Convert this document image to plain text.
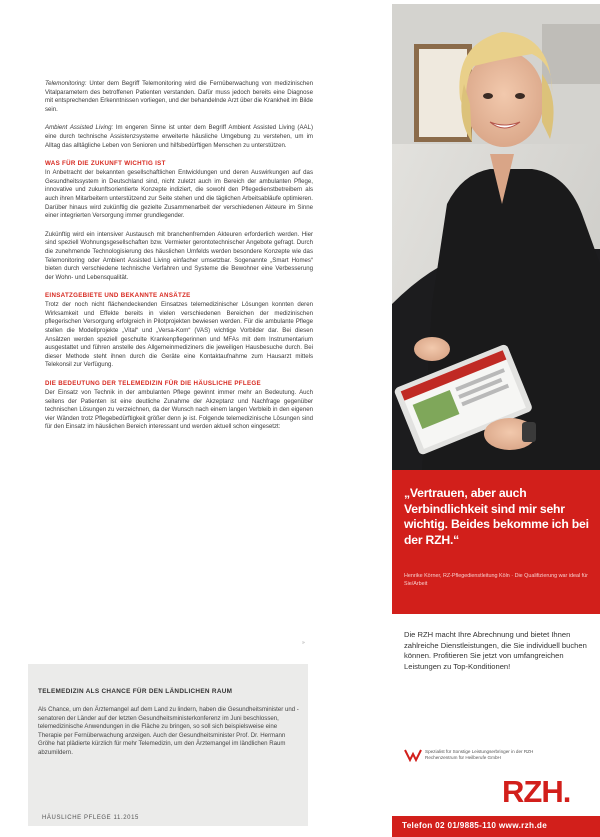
Telemonitoring: Unter dem Begriff Telemonitoring wird die Fernüberwachung von medizinischen Vitalparametern des betroffenen Patienten verstanden. Dafür muss jedoch bereits eine Diagnose mit entsprechenden Erkenntnissen vorliegen, und der behandelnde Arzt über die Krankheit im Bilde sein.

Ambient Assisted Living: Im engeren Sinne ist unter dem Begriff Ambient Assisted Living (AAL) eine durch technische Assistenzsysteme erweiterte häusliche Umgebung zu verstehen, um im Alltag das alltägliche Leben von Senioren und hilfsbedürftigen Menschen zu unterstützen.

WAS FÜR DIE ZUKUNFT WICHTIG IST

In Anbetracht der bekannten gesellschaftlichen Entwicklungen und deren Auswirkungen auf das Gesundheitssystem in Deutschland sind, nicht zuletzt auch im Bereich der ambulanten Pflege, innovative und zukunftsorientierte Konzepte indiziert, die sowohl den Pflegedienstbetreibern als auch ihren Mitarbeitern unterstützend zur Seite stehen und die täglichen Arbeitsabläufe optimieren. Darüber hinaus wird zukünftig die gezielte Zusammenarbeit der verschiedenen Akteure im Sinne einer integrierten Versorgung immer grundlegender.

Zukünftig wird ein intensiver Austausch mit branchenfremden Akteuren erforderlich werden. Hier sind speziell Wohnungsgesellschaften bzw. Vermieter gerontotechnischer Angebote gefragt. Durch die zunehmende Technologisierung des häuslichen Umfelds werden besondere Konzepte wie das Telemonitoring oder Ambient Assisted Living einfacher umsetzbar. Sogenannte „Smart Homes“ bieten durch verschiedene technische Verfahren und Systeme die Bewohner eine Verbesserung der Wohn- und Lebensqualität.

EINSATZGEBIETE UND BEKANNTE ANSÄTZE

Trotz der noch nicht flächendeckenden Einsatzes telemedizinischer Lösungen konnten deren Wirksamkeit und Effekte bereits in vielen verschiedenen Bereichen der medizinischen pflegerischen Versorgung erfolgreich in Pilotprojekten bewiesen werden. Für die ambulante Pflege stellen die Modellprojekte „Vital“ und „Versa-Kom“ (VAS) wichtige Vorbilder dar. Bei diesen Ansätzen werden speziell geschulte Krankenpflegerinnen und MFAs mit dem Instrumentarium ausgestattet und führen anstelle des Allgemeinmediziners die jeweiligen Hausbesuche durch. Bei dieser Methode steht ihnen durch die Geräte eine Kontaktaufnahme zum Hausarzt mittels Telekonsil zur Verfügung.

DIE BEDEUTUNG DER TELEMEDIZIN FÜR DIE HÄUSLICHE PFLEGE

Der Einsatz von Technik in der ambulanten Pflege gewinnt immer mehr an Bedeutung. Auch seitens der Patienten ist eine deutliche Zunahme der Akzeptanz und Nachfrage gegenüber technischen Lösungen zu verzeichnen, da der Wunsch nach einem langen Verbleib in den eigenen vier Wänden trotz Pflegebedürftigkeit größer denn je ist. Folgende telemedizinische Lösungen sind für den Einsatz im häuslichen Bereich interessant und werden aktuell schon eingesetzt:

»
TELEMEDIZIN ALS CHANCE FÜR DEN LÄNDLICHEN RAUM

Als Chance, um den Ärztemangel auf dem Land zu lindern, haben die Gesundheitsminister und -senatoren der Länder auf der letzten Gesundheitsministerkonferenz im Juni beschlossen, telemedizinische Anwendungen in die Fläche zu bringen, so soll sich beispielsweise eine Therapie per Fernüberwachung anzeigen. Auch der Gesundheitsminister Prof. Dr. Hermann Gröhe hat plädierte kürzlich für mehr Telemedizin, um den Ärztemangel im ländlichen Raum abzumildern.

HÄUSLICHE PFLEGE 11.2015

„Vertrauen, aber auch Verbindlichkeit sind mir sehr wichtig. Beides bekomme ich bei der RZH.“

Henrike Körner, RZ-Pflegedienstleitung Köln · Die Qualifizierung war ideal für Sie/Arbeit

Die RZH macht Ihre Abrechnung und bietet Ihnen zahlreiche Dienstleistungen, die Sie individuell buchen können. Profitieren Sie jetzt von umfangreichen Leistungen zu Top-Konditionen!

Spezialist für Sonstige Leistungserbringer in der RZH Rechenzentrum für Heilberufe GmbH

RZH.
Telefon 02 01/9885-110 www.rzh.de
